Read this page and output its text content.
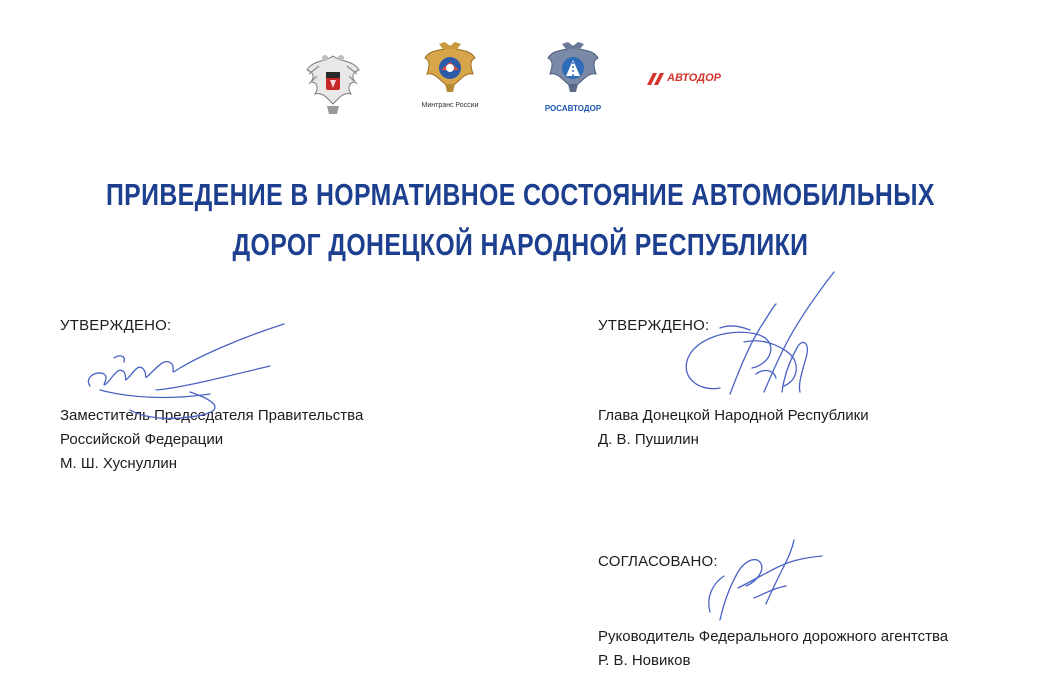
Минтранс России	РОСАВТОДОР
АВТОДОР
ПРИВЕДЕНИЕ В НОРМАТИВНОЕ СОСТОЯНИЕ АВТОМОБИЛЬНЫХ
ДОРОГ ДОНЕЦКОЙ НАРОДНОЙ РЕСПУБЛИКИ
УТВЕРЖДЕНО:
Заместитель Председателя Правительства
Российской Федерации
М. Ш. Хуснуллин
УТВЕРЖДЕНО:
Глава Донецкой Народной Республики
Д. В. Пушилин
СОГЛАСОВАНО:
Руководитель Федерального дорожного агентства
Р. В. Новиков
